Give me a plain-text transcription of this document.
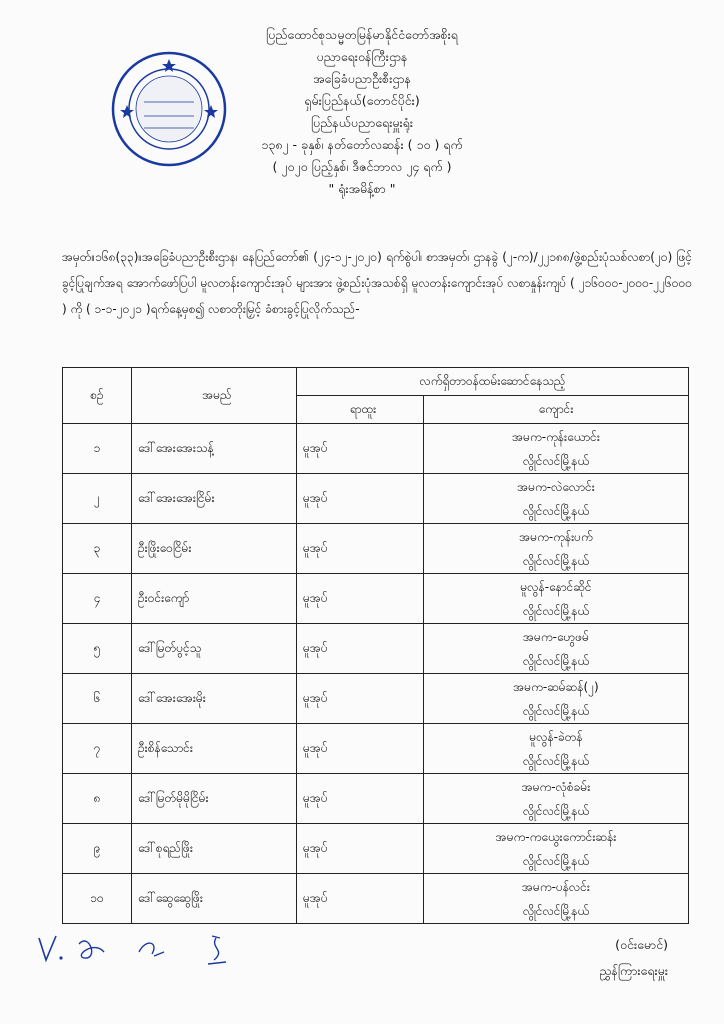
ပြည်ထောင်စုသမ္မတမြန်မာနိုင်ငံတော်အစိုးရ
ပညာရေးဝန်ကြီးဌာန
အခြေခံပညာဦးစီးဌာန
ရှမ်းပြည်နယ်(တောင်ပိုင်း)
ပြည်နယ်ပညာရေးမှူးရုံး
၁၃၈၂ - ခုနှစ်၊ နတ်တော်လဆန်း ( ၁၀ ) ရက်
( ၂၀၂၀ ပြည့်နှစ်၊ ဒီဇင်ဘာလ ၂၄ ရက် )
" ရုံးအမိန့်စာ "
အမှတ်။၁၆၈(၃၃)။အခြေခံပညာဦးစီးဌာန၊ နေပြည်တော်၏ (၂၄-၁၂-၂၀၂၀) ရက်စွဲပါ၊ စာအမှတ်၊ ဌာနခွဲ (၂-က)/၂၂၁၈၈/ဖွဲ့စည်းပုံသစ်လစာ(၂၀) ဖြင့် ခွင့်ပြုချက်အရ အောက်ဖော်ပြပါ မူလတန်းကျောင်းအုပ် များအား ဖွဲ့စည်းပုံအသစ်ရှိ မူလတန်းကျောင်းအုပ် လစာနှုန်းကျပ် ( ၂၁၆၀၀၀-၂၀၀၀-၂၂၆၀၀၀ ) ကို ( ၁-၁-၂၀၂၁ )ရက်နေ့မှစ၍ လစာတိုးမြှင့် ခံစားခွင့်ပြုလိုက်သည်-
စဉ်	အမည်	လက်ရှိတာဝန်ထမ်းဆောင်နေသည့်	
		ရာထူး	ကျောင်း
၁	ဒေါ်အေးအေးသန့်	မူအုပ်	အမက-ကုန်းယောင်း
လွိုင်လင်မြို့နယ်

၂	ဒေါ်အေးအေးငြိမ်း	မူအုပ်	အမက-လဲလောင်း
လွိုင်လင်မြို့နယ်

၃	ဦးဖြိုးဝေငြိမ်း	မူအုပ်	အမက-ကုန်းပက်
လွိုင်လင်မြို့နယ်

၄	ဦးဝင်းကျော်	မူအုပ်	မူလွန်-နောင်ဆိုင်
လွိုင်လင်မြို့နယ်

၅	ဒေါ်မြတ်ပွင့်သူ	မူအုပ်	အမက-ဟွေဖမ်
လွိုင်လင်မြို့နယ်

၆	ဒေါ်အေးအေးမိုး	မူအုပ်	အမက-ဆမ်ဆန်(၂)
လွိုင်လင်မြို့နယ်

၇	ဦးစိန်သောင်း	မူအုပ်	မူလွန်-ခဲတန်
လွိုင်လင်မြို့နယ်

၈	ဒေါ်မြတ်မိုမိုငြိမ်း	မူအုပ်	အမက-လုံစံခမ်း
လွိုင်လင်မြို့နယ်

၉	ဒေါ်စုရည်ဖြိုး	မူအုပ်	အမက-ကယွေးကောင်းဆန်း
လွိုင်လင်မြို့နယ်

၁၀	ဒေါ်ဆွေဆွေဖြိုး	မူအုပ်	အမက-ပန်လင်း
လွိုင်လင်မြို့နယ်
(ဝင်းမောင်)
ညွှန်ကြားရေးမှူး
